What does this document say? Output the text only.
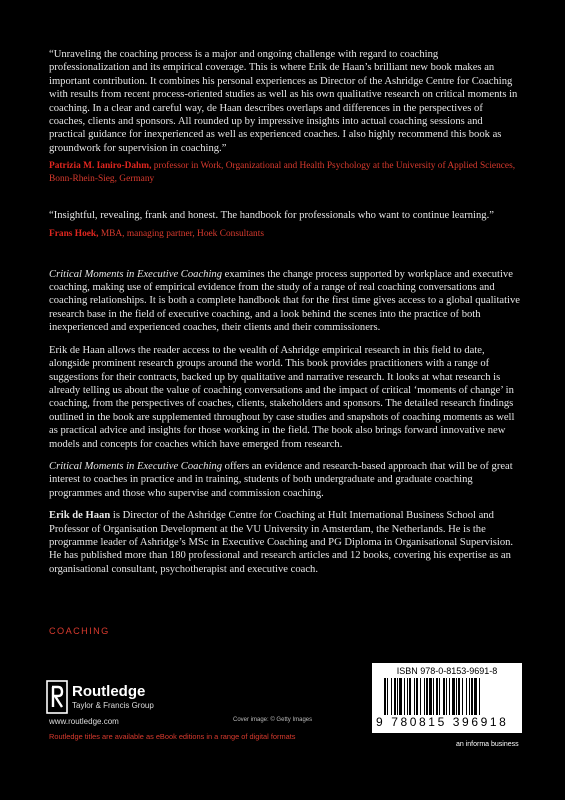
“Unraveling the coaching process is a major and ongoing challenge with regard to coaching professionalization and its empirical coverage. This is where Erik de Haan’s brilliant new book makes an important contribution. It combines his personal experiences as Director of the Ashridge Centre for Coaching with results from recent process-oriented studies as well as his own qualitative research on critical moments in coaching. In a clear and careful way, de Haan describes overlaps and differences in the perspectives of coaches, clients and sponsors. All rounded up by impressive insights into actual coaching sessions and practical guidance for inexperienced as well as experienced coaches. I also highly recommend this book as groundwork for supervision in coaching.”

Patrizia M. Ianiro-Dahm, professor in Work, Organizational and Health Psychology at the University of Applied Sciences, Bonn-Rhein-Sieg, Germany

“Insightful, revealing, frank and honest. The handbook for professionals who want to continue learning.”

Frans Hoek, MBA, managing partner, Hoek Consultants

Critical Moments in Executive Coaching examines the change process supported by workplace and executive coaching, making use of empirical evidence from the study of a range of real coaching conversations and coaching relationships. It is both a complete handbook that for the first time gives access to a global qualitative research base in the field of executive coaching, and a look behind the scenes into the practice of both inexperienced and experienced coaches, their clients and their commissioners.

Erik de Haan allows the reader access to the wealth of Ashridge empirical research in this field to date, alongside prominent research groups around the world. This book provides practitioners with a range of suggestions for their contracts, backed up by qualitative and narrative research. It looks at what research is already telling us about the value of coaching conversations and the impact of critical ‘moments of change’ in coaching, from the perspectives of coaches, clients, stakeholders and sponsors. The detailed research findings outlined in the book are supplemented throughout by case studies and snapshots of coaching moments as well as practical advice and insights for those working in the field. The book also brings forward innovative new models and concepts for coaches which have emerged from research.

Critical Moments in Executive Coaching offers an evidence and research-based approach that will be of great interest to coaches in practice and in training, students of both undergraduate and graduate coaching programmes and those who supervise and commission coaching.

Erik de Haan is Director of the Ashridge Centre for Coaching at Hult International Business School and Professor of Organisation Development at the VU University in Amsterdam, the Netherlands. He is the programme leader of Ashridge’s MSc in Executive Coaching and PG Diploma in Organisational Supervision. He has published more than 180 professional and research articles and 12 books, covering his expertise as an organisational consultant, psychotherapist and executive coach.

COACHING
Routledge
Taylor & Francis Group
www.routledge.com	Cover image: © Getty Images
Routledge titles are available as eBook editions in a range of digital formats
ISBN 978-0-8153-9691-8
9 780815 396918
an informa business
